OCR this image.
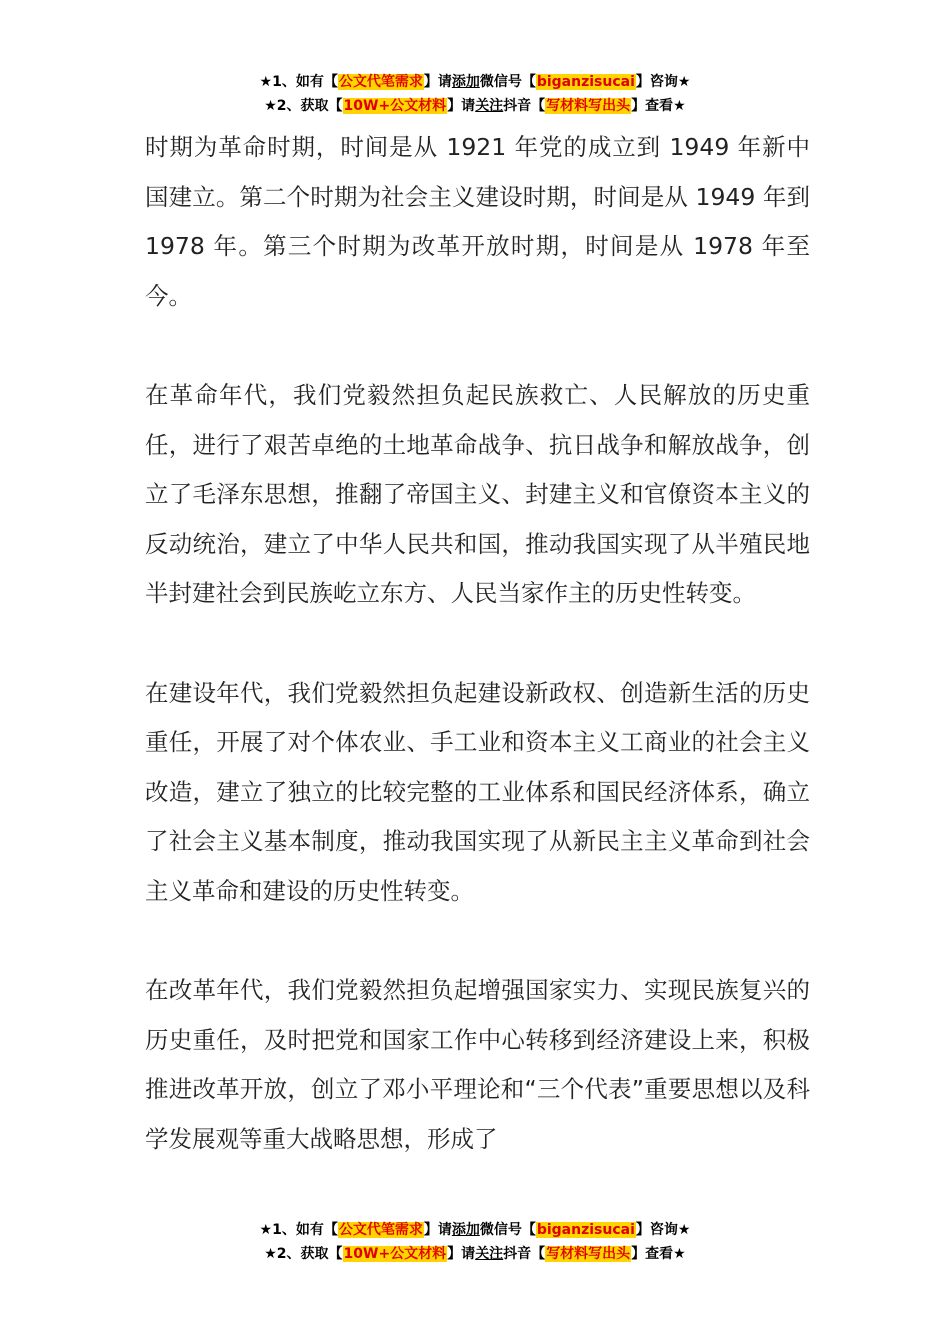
★1、如有【公文代笔需求】请添加微信号【biganzisucai】咨询★
★2、获取【10W+公文材料】请关注抖音【写材料写出头】查看★

时期为革命时期，时间是从 1921 年党的成立到 1949 年新中国建立。第二个时期为社会主义建设时期，时间是从 1949 年到 1978 年。第三个时期为改革开放时期，时间是从 1978 年至今。

在革命年代，我们党毅然担负起民族救亡、人民解放的历史重任，进行了艰苦卓绝的土地革命战争、抗日战争和解放战争，创立了毛泽东思想，推翻了帝国主义、封建主义和官僚资本主义的反动统治，建立了中华人民共和国，推动我国实现了从半殖民地半封建社会到民族屹立东方、人民当家作主的历史性转变。

在建设年代，我们党毅然担负起建设新政权、创造新生活的历史重任，开展了对个体农业、手工业和资本主义工商业的社会主义改造，建立了独立的比较完整的工业体系和国民经济体系，确立了社会主义基本制度，推动我国实现了从新民主主义革命到社会主义革命和建设的历史性转变。

在改革年代，我们党毅然担负起增强国家实力、实现民族复兴的历史重任，及时把党和国家工作中心转移到经济建设上来，积极推进改革开放，创立了邓小平理论和“三个代表”重要思想以及科学发展观等重大战略思想，形成了

★1、如有【公文代笔需求】请添加微信号【biganzisucai】咨询★
★2、获取【10W+公文材料】请关注抖音【写材料写出头】查看★
